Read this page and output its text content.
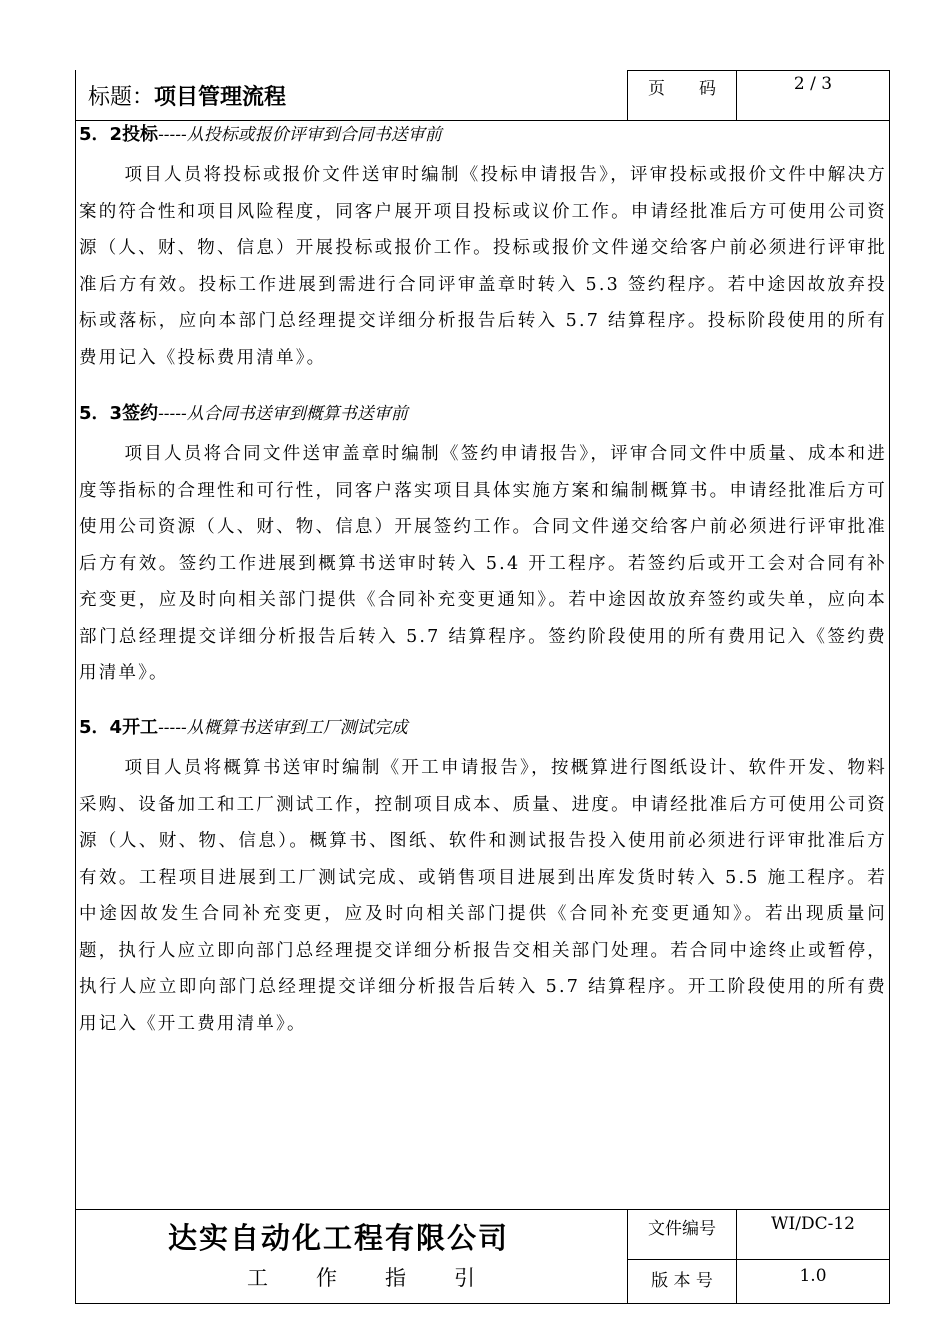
标题：项目管理流程	页　　码	2 / 3

5．2投标-----从投标或报价评审到合同书送审前

项目人员将投标或报价文件送审时编制《投标申请报告》，评审投标或报价文件中解决方案的符合性和项目风险程度，同客户展开项目投标或议价工作。申请经批准后方可使用公司资源（人、财、物、信息）开展投标或报价工作。投标或报价文件递交给客户前必须进行评审批准后方有效。投标工作进展到需进行合同评审盖章时转入 5.3 签约程序。若中途因故放弃投标或落标，应向本部门总经理提交详细分析报告后转入 5.7 结算程序。投标阶段使用的所有费用记入《投标费用清单》。

5．3签约-----从合同书送审到概算书送审前

项目人员将合同文件送审盖章时编制《签约申请报告》，评审合同文件中质量、成本和进度等指标的合理性和可行性，同客户落实项目具体实施方案和编制概算书。申请经批准后方可使用公司资源（人、财、物、信息）开展签约工作。合同文件递交给客户前必须进行评审批准后方有效。签约工作进展到概算书送审时转入 5.4 开工程序。若签约后或开工会对合同有补充变更，应及时向相关部门提供《合同补充变更通知》。若中途因故放弃签约或失单，应向本部门总经理提交详细分析报告后转入 5.7 结算程序。签约阶段使用的所有费用记入《签约费用清单》。

5．4开工-----从概算书送审到工厂测试完成

项目人员将概算书送审时编制《开工申请报告》，按概算进行图纸设计、软件开发、物料采购、设备加工和工厂测试工作，控制项目成本、质量、进度。申请经批准后方可使用公司资源（人、财、物、信息）。概算书、图纸、软件和测试报告投入使用前必须进行评审批准后方有效。工程项目进展到工厂测试完成、或销售项目进展到出库发货时转入 5.5 施工程序。若中途因故发生合同补充变更，应及时向相关部门提供《合同补充变更通知》。若出现质量问题，执行人应立即向部门总经理提交详细分析报告交相关部门处理。若合同中途终止或暂停，执行人应立即向部门总经理提交详细分析报告后转入 5.7 结算程序。开工阶段使用的所有费用记入《开工费用清单》。

达实自动化工程有限公司
工作指引
文件编号	WI/DC-12
版 本 号	1.0
